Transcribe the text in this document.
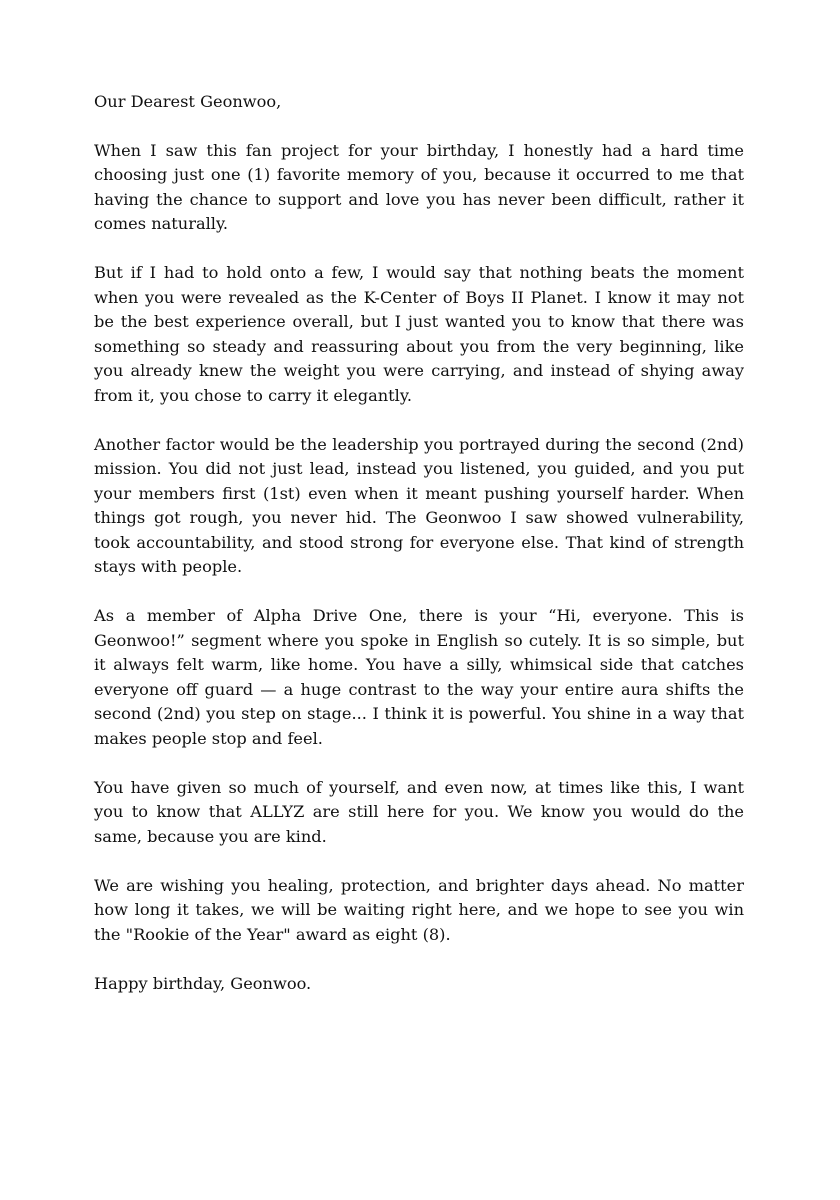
Our Dearest Geonwoo,

When I saw this fan project for your birthday, I honestly had a hard time choosing just one (1) favorite memory of you, because it occurred to me that having the chance to support and love you has never been difficult, rather it comes naturally.

But if I had to hold onto a few, I would say that nothing beats the moment when you were revealed as the K-Center of Boys II Planet. I know it may not be the best experience overall, but I just wanted you to know that there was something so steady and reassuring about you from the very beginning, like you already knew the weight you were carrying, and instead of shying away from it, you chose to carry it elegantly.

Another factor would be the leadership you portrayed during the second (2nd) mission. You did not just lead, instead you listened, you guided, and you put your members first (1st) even when it meant pushing yourself harder. When things got rough, you never hid. The Geonwoo I saw showed vulnerability, took accountability, and stood strong for everyone else. That kind of strength stays with people.

As a member of Alpha Drive One, there is your “Hi, everyone. This is Geonwoo!” segment where you spoke in English so cutely. It is so simple, but it always felt warm, like home. You have a silly, whimsical side that catches everyone off guard — a huge contrast to the way your entire aura shifts the second (2nd) you step on stage... I think it is powerful. You shine in a way that makes people stop and feel.

You have given so much of yourself, and even now, at times like this, I want you to know that ALLYZ are still here for you. We know you would do the same, because you are kind.

We are wishing you healing, protection, and brighter days ahead. No matter how long it takes, we will be waiting right here, and we hope to see you win the "Rookie of the Year" award as eight (8).

Happy birthday, Geonwoo.
